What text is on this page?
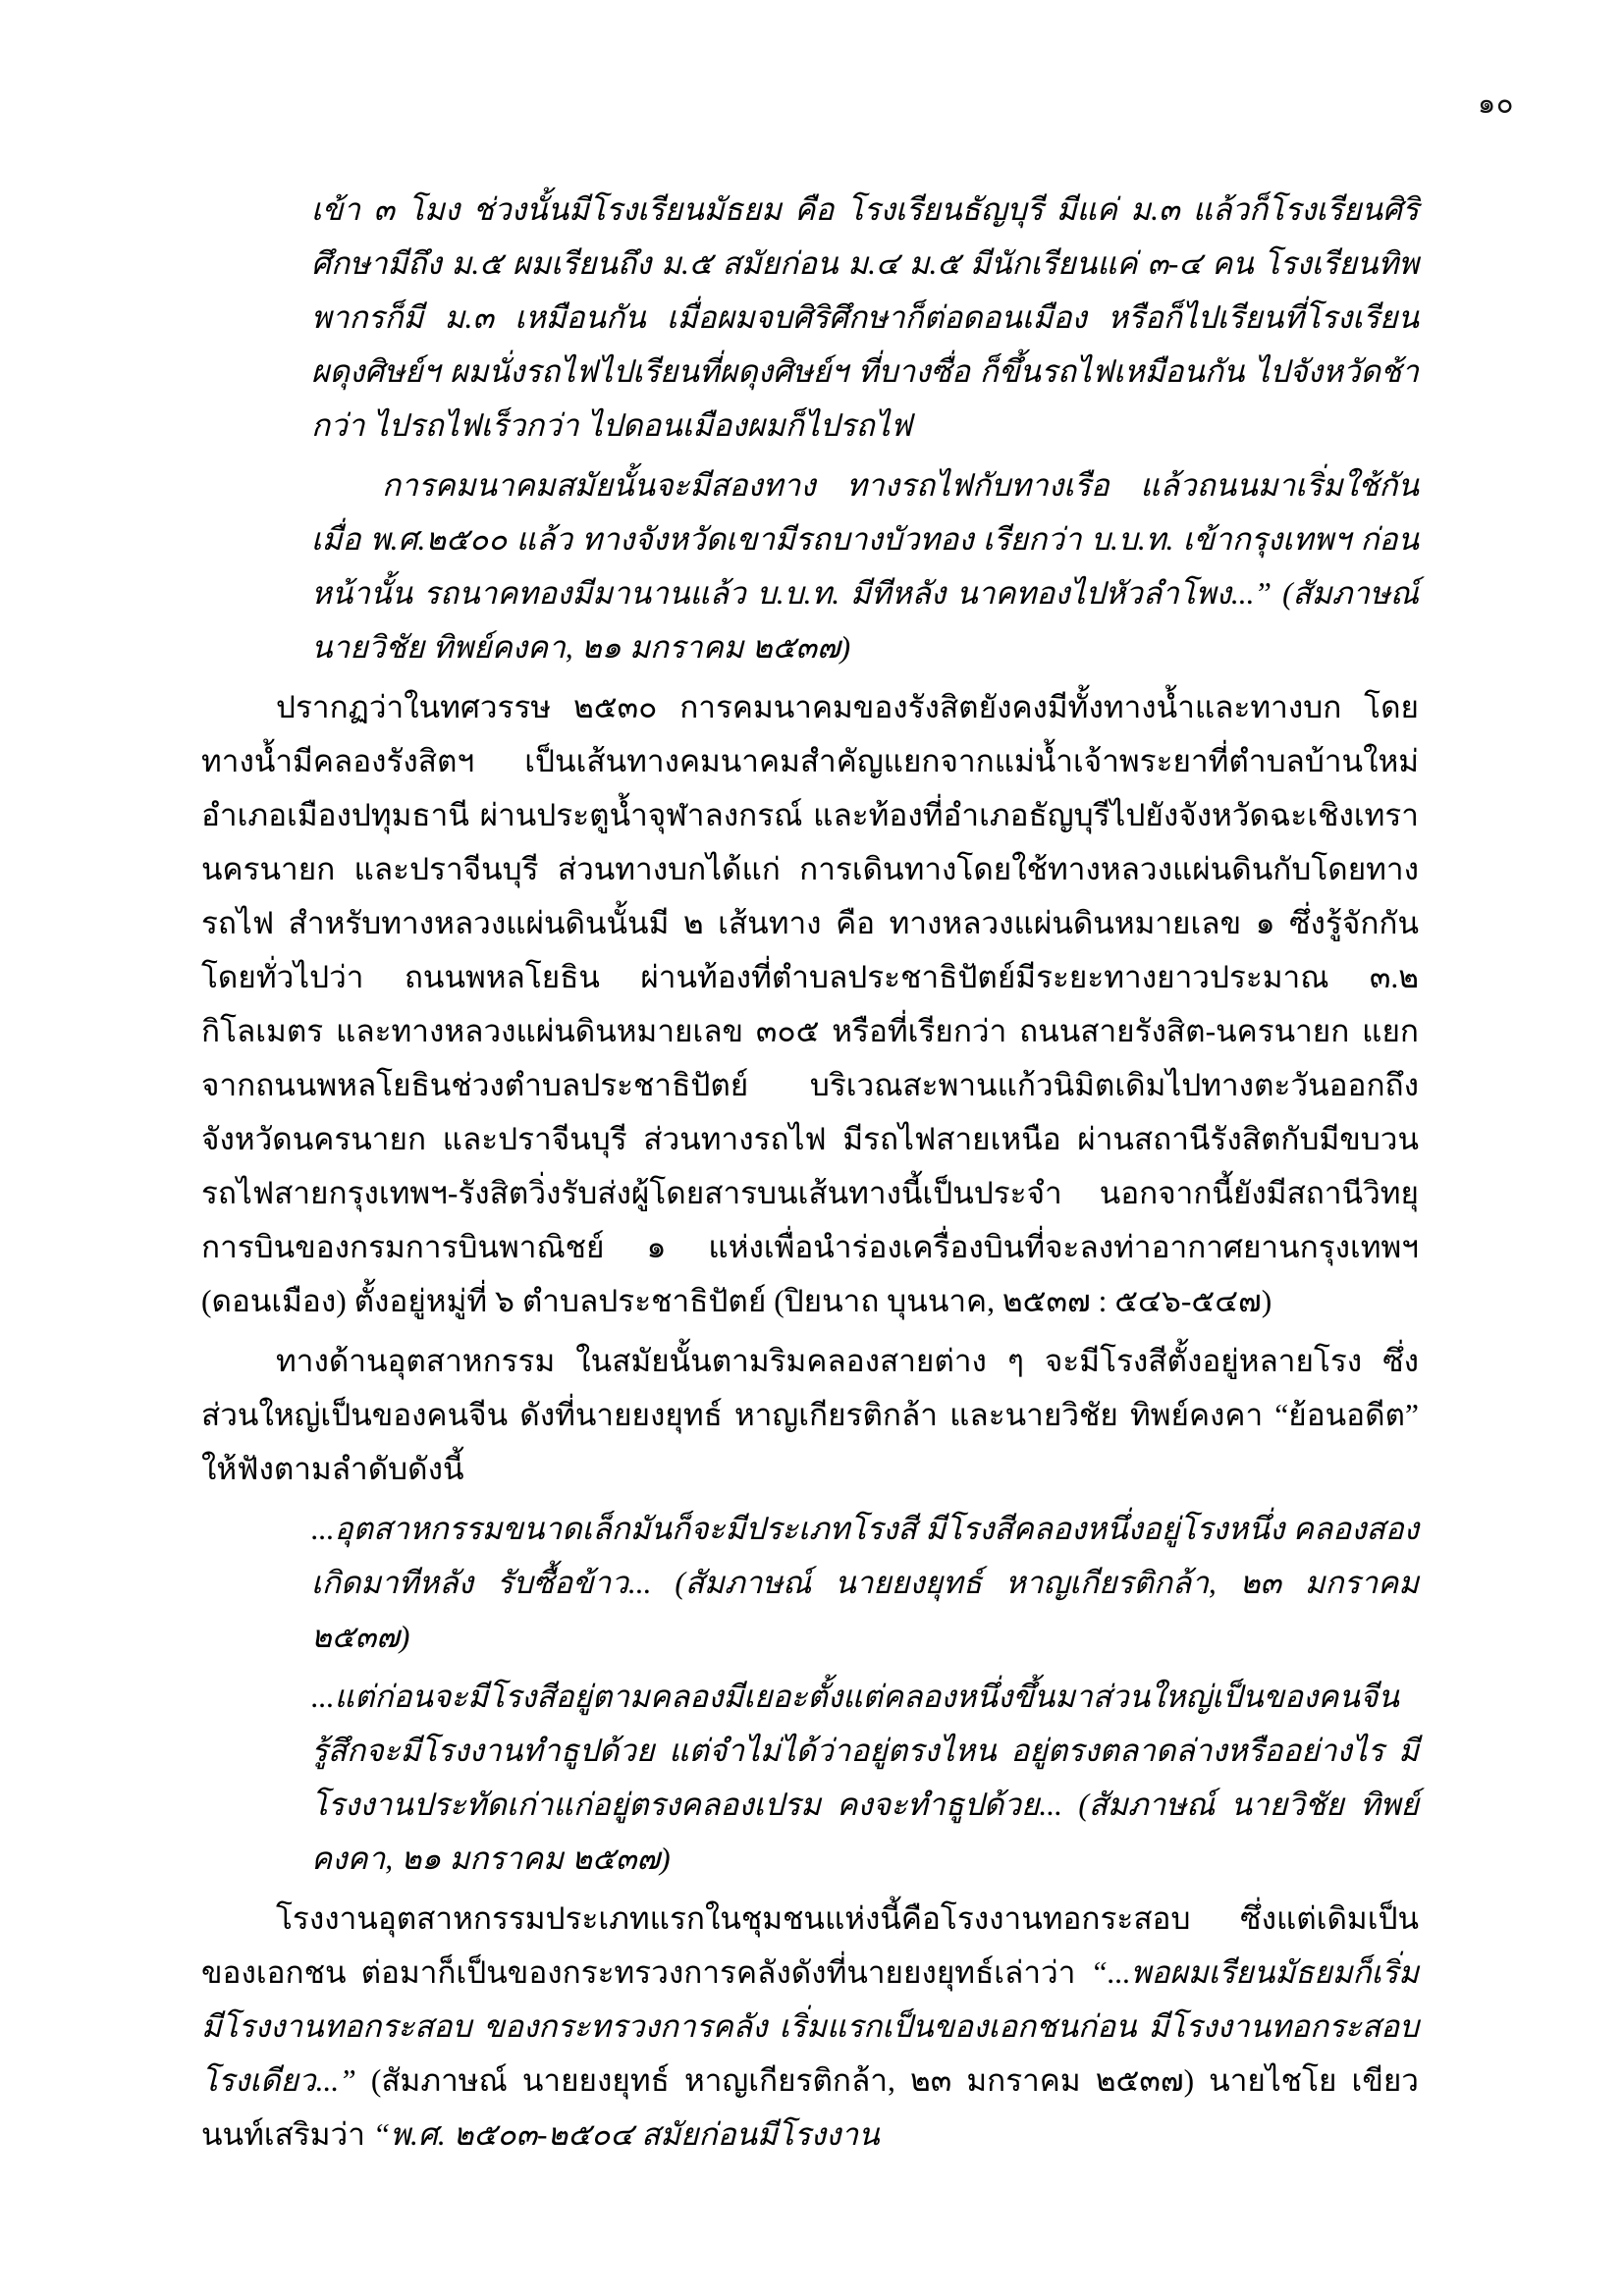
๑๐

เข้า ๓ โมง ช่วงนั้นมีโรงเรียนมัธยม คือ โรงเรียนธัญบุรี มีแค่ ม.๓ แล้วก็โรงเรียนศิริศึกษามีถึง ม.๕ ผมเรียนถึง ม.๕ สมัยก่อน ม.๔ ม.๕ มีนักเรียนแค่ ๓-๔ คน โรงเรียนทิพพากรก็มี ม.๓ เหมือนกัน เมื่อผมจบศิริศึกษาก็ต่อดอนเมือง หรือก็ไปเรียนที่โรงเรียนผดุงศิษย์ฯ ผมนั่งรถไฟไปเรียนที่ผดุงศิษย์ฯ ที่บางซื่อ ก็ขึ้นรถไฟเหมือนกัน ไปจังหวัดช้ากว่า ไปรถไฟเร็วกว่า ไปดอนเมืองผมก็ไปรถไฟ

การคมนาคมสมัยนั้นจะมีสองทาง ทางรถไฟกับทางเรือ แล้วถนนมาเริ่มใช้กันเมื่อ พ.ศ.๒๕๐๐ แล้ว ทางจังหวัดเขามีรถบางบัวทอง เรียกว่า บ.บ.ท. เข้ากรุงเทพฯ ก่อนหน้านั้น รถนาคทองมีมานานแล้ว บ.บ.ท. มีทีหลัง นาคทองไปหัวลำโพง...” (สัมภาษณ์ นายวิชัย ทิพย์คงคา, ๒๑ มกราคม ๒๕๓๗)

ปรากฏว่าในทศวรรษ ๒๕๓๐ การคมนาคมของรังสิตยังคงมีทั้งทางน้ำและทางบก โดยทางน้ำมีคลองรังสิตฯ เป็นเส้นทางคมนาคมสำคัญแยกจากแม่น้ำเจ้าพระยาที่ตำบลบ้านใหม่ อำเภอเมืองปทุมธานี ผ่านประตูน้ำจุฬาลงกรณ์ และท้องที่อำเภอธัญบุรีไปยังจังหวัดฉะเชิงเทรา นครนายก และปราจีนบุรี ส่วนทางบกได้แก่ การเดินทางโดยใช้ทางหลวงแผ่นดินกับโดยทางรถไฟ สำหรับทางหลวงแผ่นดินนั้นมี ๒ เส้นทาง คือ ทางหลวงแผ่นดินหมายเลข ๑ ซึ่งรู้จักกันโดยทั่วไปว่า ถนนพหลโยธิน ผ่านท้องที่ตำบลประชาธิปัตย์มีระยะทางยาวประมาณ ๓.๒ กิโลเมตร และทางหลวงแผ่นดินหมายเลข ๓๐๕ หรือที่เรียกว่า ถนนสายรังสิต-นครนายก แยกจากถนนพหลโยธินช่วงตำบลประชาธิปัตย์ บริเวณสะพานแก้วนิมิตเดิมไปทางตะวันออกถึงจังหวัดนครนายก และปราจีนบุรี ส่วนทางรถไฟ มีรถไฟสายเหนือ ผ่านสถานีรังสิตกับมีขบวนรถไฟสายกรุงเทพฯ-รังสิตวิ่งรับส่งผู้โดยสารบนเส้นทางนี้เป็นประจำ นอกจากนี้ยังมีสถานีวิทยุการบินของกรมการบินพาณิชย์ ๑ แห่งเพื่อนำร่องเครื่องบินที่จะลงท่าอากาศยานกรุงเทพฯ (ดอนเมือง) ตั้งอยู่หมู่ที่ ๖ ตำบลประชาธิปัตย์ (ปิยนาถ บุนนาค, ๒๕๓๗ : ๕๔๖-๕๔๗)

ทางด้านอุตสาหกรรม ในสมัยนั้นตามริมคลองสายต่าง ๆ จะมีโรงสีตั้งอยู่หลายโรง ซึ่งส่วนใหญ่เป็นของคนจีน ดังที่นายยงยุทธ์ หาญเกียรติกล้า และนายวิชัย ทิพย์คงคา “ย้อนอดีต” ให้ฟังตามลำดับดังนี้

...อุตสาหกรรมขนาดเล็กมันก็จะมีประเภทโรงสี มีโรงสีคลองหนึ่งอยู่โรงหนึ่ง คลองสองเกิดมาทีหลัง รับซื้อข้าว... (สัมภาษณ์ นายยงยุทธ์ หาญเกียรติกล้า, ๒๓ มกราคม ๒๕๓๗)

...แต่ก่อนจะมีโรงสีอยู่ตามคลองมีเยอะตั้งแต่คลองหนึ่งขึ้นมาส่วนใหญ่เป็นของคนจีน รู้สึกจะมีโรงงานทำธูปด้วย แต่จำไม่ได้ว่าอยู่ตรงไหน อยู่ตรงตลาดล่างหรืออย่างไร มีโรงงานประทัดเก่าแก่อยู่ตรงคลองเปรม คงจะทำธูปด้วย... (สัมภาษณ์ นายวิชัย ทิพย์คงคา, ๒๑ มกราคม ๒๕๓๗)

โรงงานอุตสาหกรรมประเภทแรกในชุมชนแห่งนี้คือโรงงานทอกระสอบ ซึ่งแต่เดิมเป็นของเอกชน ต่อมาก็เป็นของกระทรวงการคลังดังที่นายยงยุทธ์เล่าว่า “...พอผมเรียนมัธยมก็เริ่มมีโรงงานทอกระสอบ ของกระทรวงการคลัง เริ่มแรกเป็นของเอกชนก่อน มีโรงงานทอกระสอบโรงเดียว...” (สัมภาษณ์ นายยงยุทธ์ หาญเกียรติกล้า, ๒๓ มกราคม ๒๕๓๗) นายไชโย เขียวนนท์เสริมว่า “พ.ศ. ๒๕๐๓-๒๕๐๔ สมัยก่อนมีโรงงาน
